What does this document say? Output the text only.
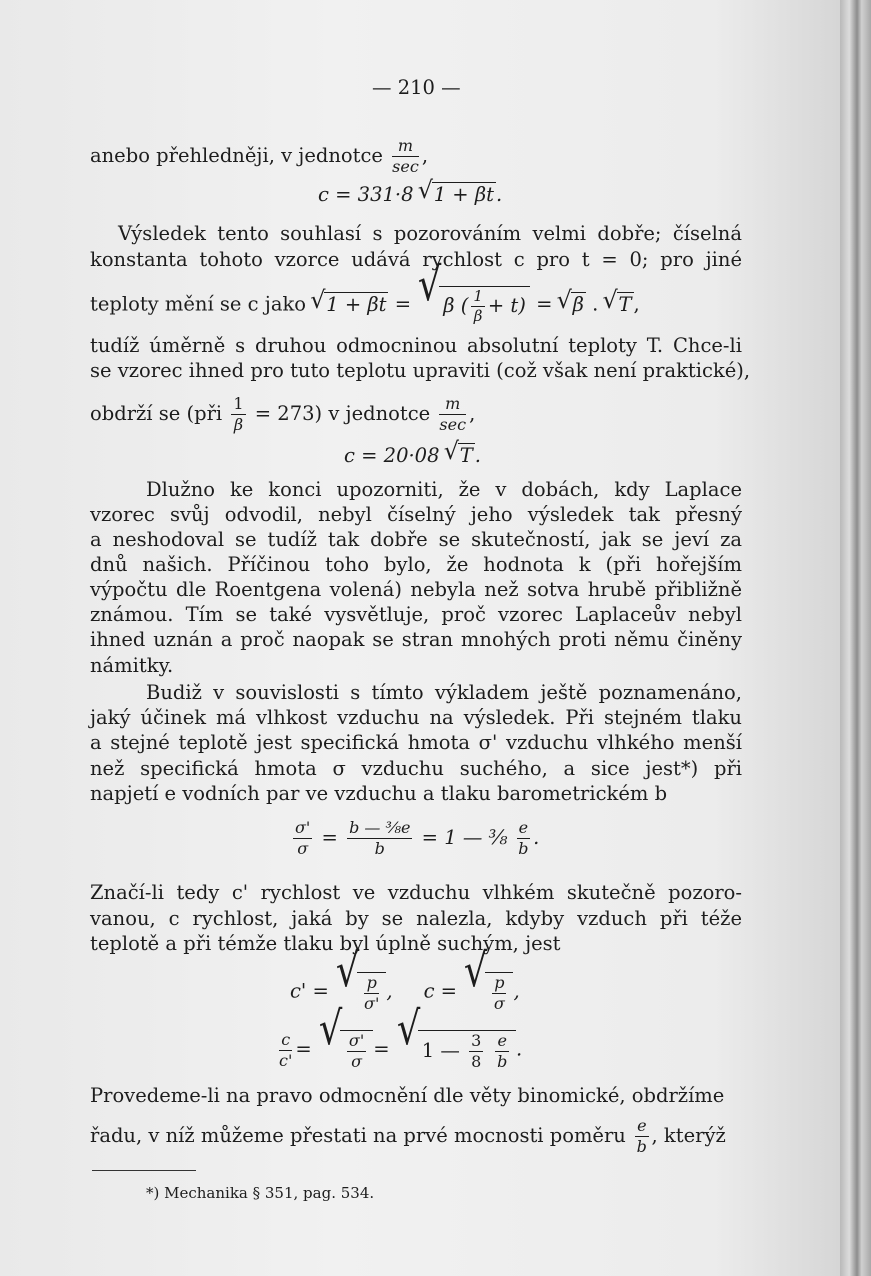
— 210 —
anebo přehledněji, v jednotce $\frac{m}{\sec}$ ,
c = 331·8 √ 1 + βt .
Výsledek tento souhlasí s pozorováním velmi dobře; číselná
konstanta tohoto vzorce udává rychlost c pro t = 0; pro jiné
teploty mění se c jako √ 1 + βt = √ β ( $\frac{1}{\beta} + t$) = √ β . √ T ,
tudíž úměrně s druhou odmocninou absolutní teploty T. Chce-li
se vzorec ihned pro tuto teplotu upraviti (což však není praktické),
obdrží se (při $\frac{1}{\beta} = 273$) v jednotce $\frac{m}{\sec}$ ,
c = 20·08 √ T .
Dlužno ke konci upozorniti, že v dobách, kdy Laplace
vzorec svůj odvodil, nebyl číselný jeho výsledek tak přesný
a neshodoval se tudíž tak dobře se skutečností, jak se jeví za
dnů našich. Příčinou toho bylo, že hodnota k (při hořejším
výpočtu dle Roentgena volená) nebyla než sotva hrubě přibližně
známou. Tím se také vysvětluje, proč vzorec Laplaceův nebyl
ihned uznán a proč naopak se stran mnohých proti němu činěny
námitky.
Budiž v souvislosti s tímto výkladem ještě poznamenáno,
jaký účinek má vlhkost vzduchu na výsledek. Při stejném tlaku
a stejné teplotě jest specifická hmota σ' vzduchu vlhkého menší
než specifická hmota σ vzduchu suchého, a sice jest*) při
napjetí e vodních par ve vzduchu a tlaku barometrickém b
$\frac{\sigma'}{\sigma} = \frac{\text{b — ⅜e}}{b} = 1$ — ⅜ $\frac{e}{b}$ .
Značí-li tedy c' rychlost ve vzduchu vlhkém skutečně pozoro-
vanou, c rychlost, jaká by se nalezla, kdyby vzduch při téže
teplotě a při témže tlaku byl úplně suchým, jest
c' = √ $\frac{p}{\sigma'}$ , c = √ $\frac{p}{\sigma}$ ,
$\frac{c}{c'}$ = √ $\frac{\sigma'}{\sigma}$ = √ 1 — $\frac{3}{8}$
$\frac{e}{b}$ .
Provedeme-li na pravo odmocnění dle věty binomické, obdržíme
řadu, v níž můžeme přestati na prvé mocnosti poměru $\frac{e}{b}$ , kterýž
*) Mechanika § 351, pag. 534.
